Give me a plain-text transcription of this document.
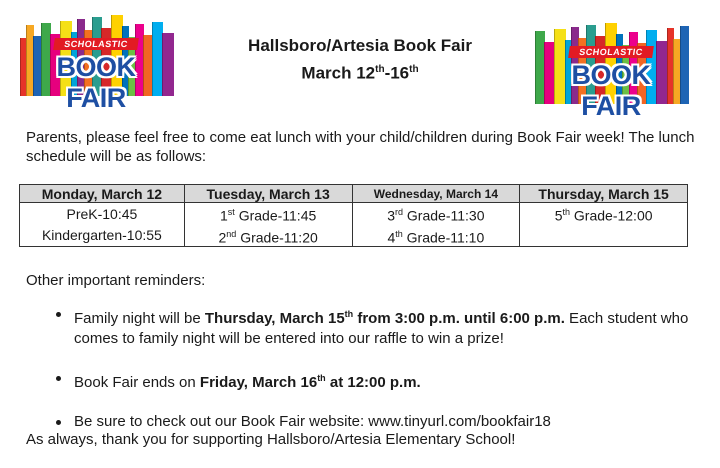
SCHOLASTIC
BOOK FAIR
SCHOLASTIC
BOOK FAIR
Hallsboro/Artesia Book Fair
March 12th-16th
Parents, please feel free to come eat lunch with your child/children during Book Fair week! The lunch schedule will be as follows:
Monday, March 12	Tuesday, March 13	Wednesday, March 14	Thursday, March 15
PreK-10:45	1st Grade-11:45	3rd Grade-11:30	5th Grade-12:00
Kindergarten-10:55	2nd Grade-11:20	4th Grade-11:10	
Other important reminders:
Family night will be Thursday, March 15th from 3:00 p.m. until 6:00 p.m. Each student who comes to family night will be entered into our raffle to win a prize!
Book Fair ends on Friday, March 16th at 12:00 p.m.
Be sure to check out our Book Fair website: www.tinyurl.com/bookfair18
As always, thank you for supporting Hallsboro/Artesia Elementary School!
